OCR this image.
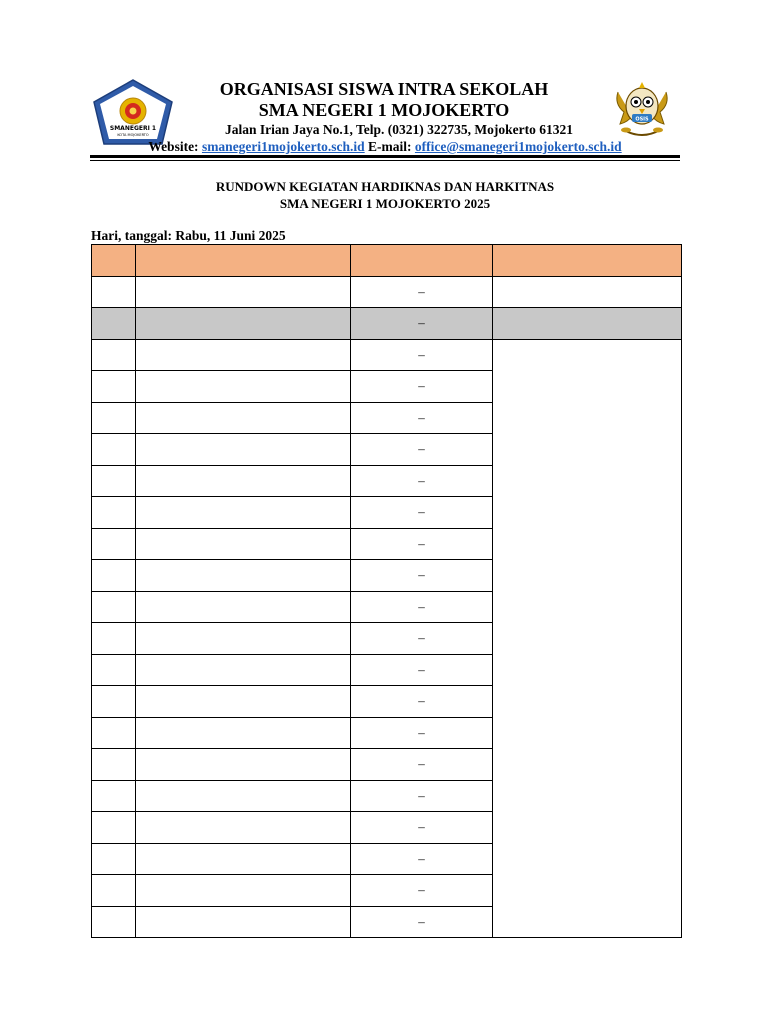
SMANEGERI 1
KOTA MOJOKERTO
ORGANISASI SISWA INTRA SEKOLAH
SMA NEGERI 1 MOJOKERTO
Jalan Irian Jaya No.1, Telp. (0321) 322735, Mojokerto 61321
Website: smanegeri1mojokerto.sch.id E-mail: office@smanegeri1mojokerto.sch.id
OSIS
RUNDOWN KEGIATAN HARDIKNAS DAN HARKITNAS
SMA NEGERI 1 MOJOKERTO 2025
Hari, tanggal: Rabu, 11 Juni 2025

		–	
		–	
		–	
		–	
		–	
		–	
		–	
		–	
		–	
		–	
		–	
		–	
		–	
		–	
		–	
		–	
		–	
		–	
		–	
		–	
		–	
